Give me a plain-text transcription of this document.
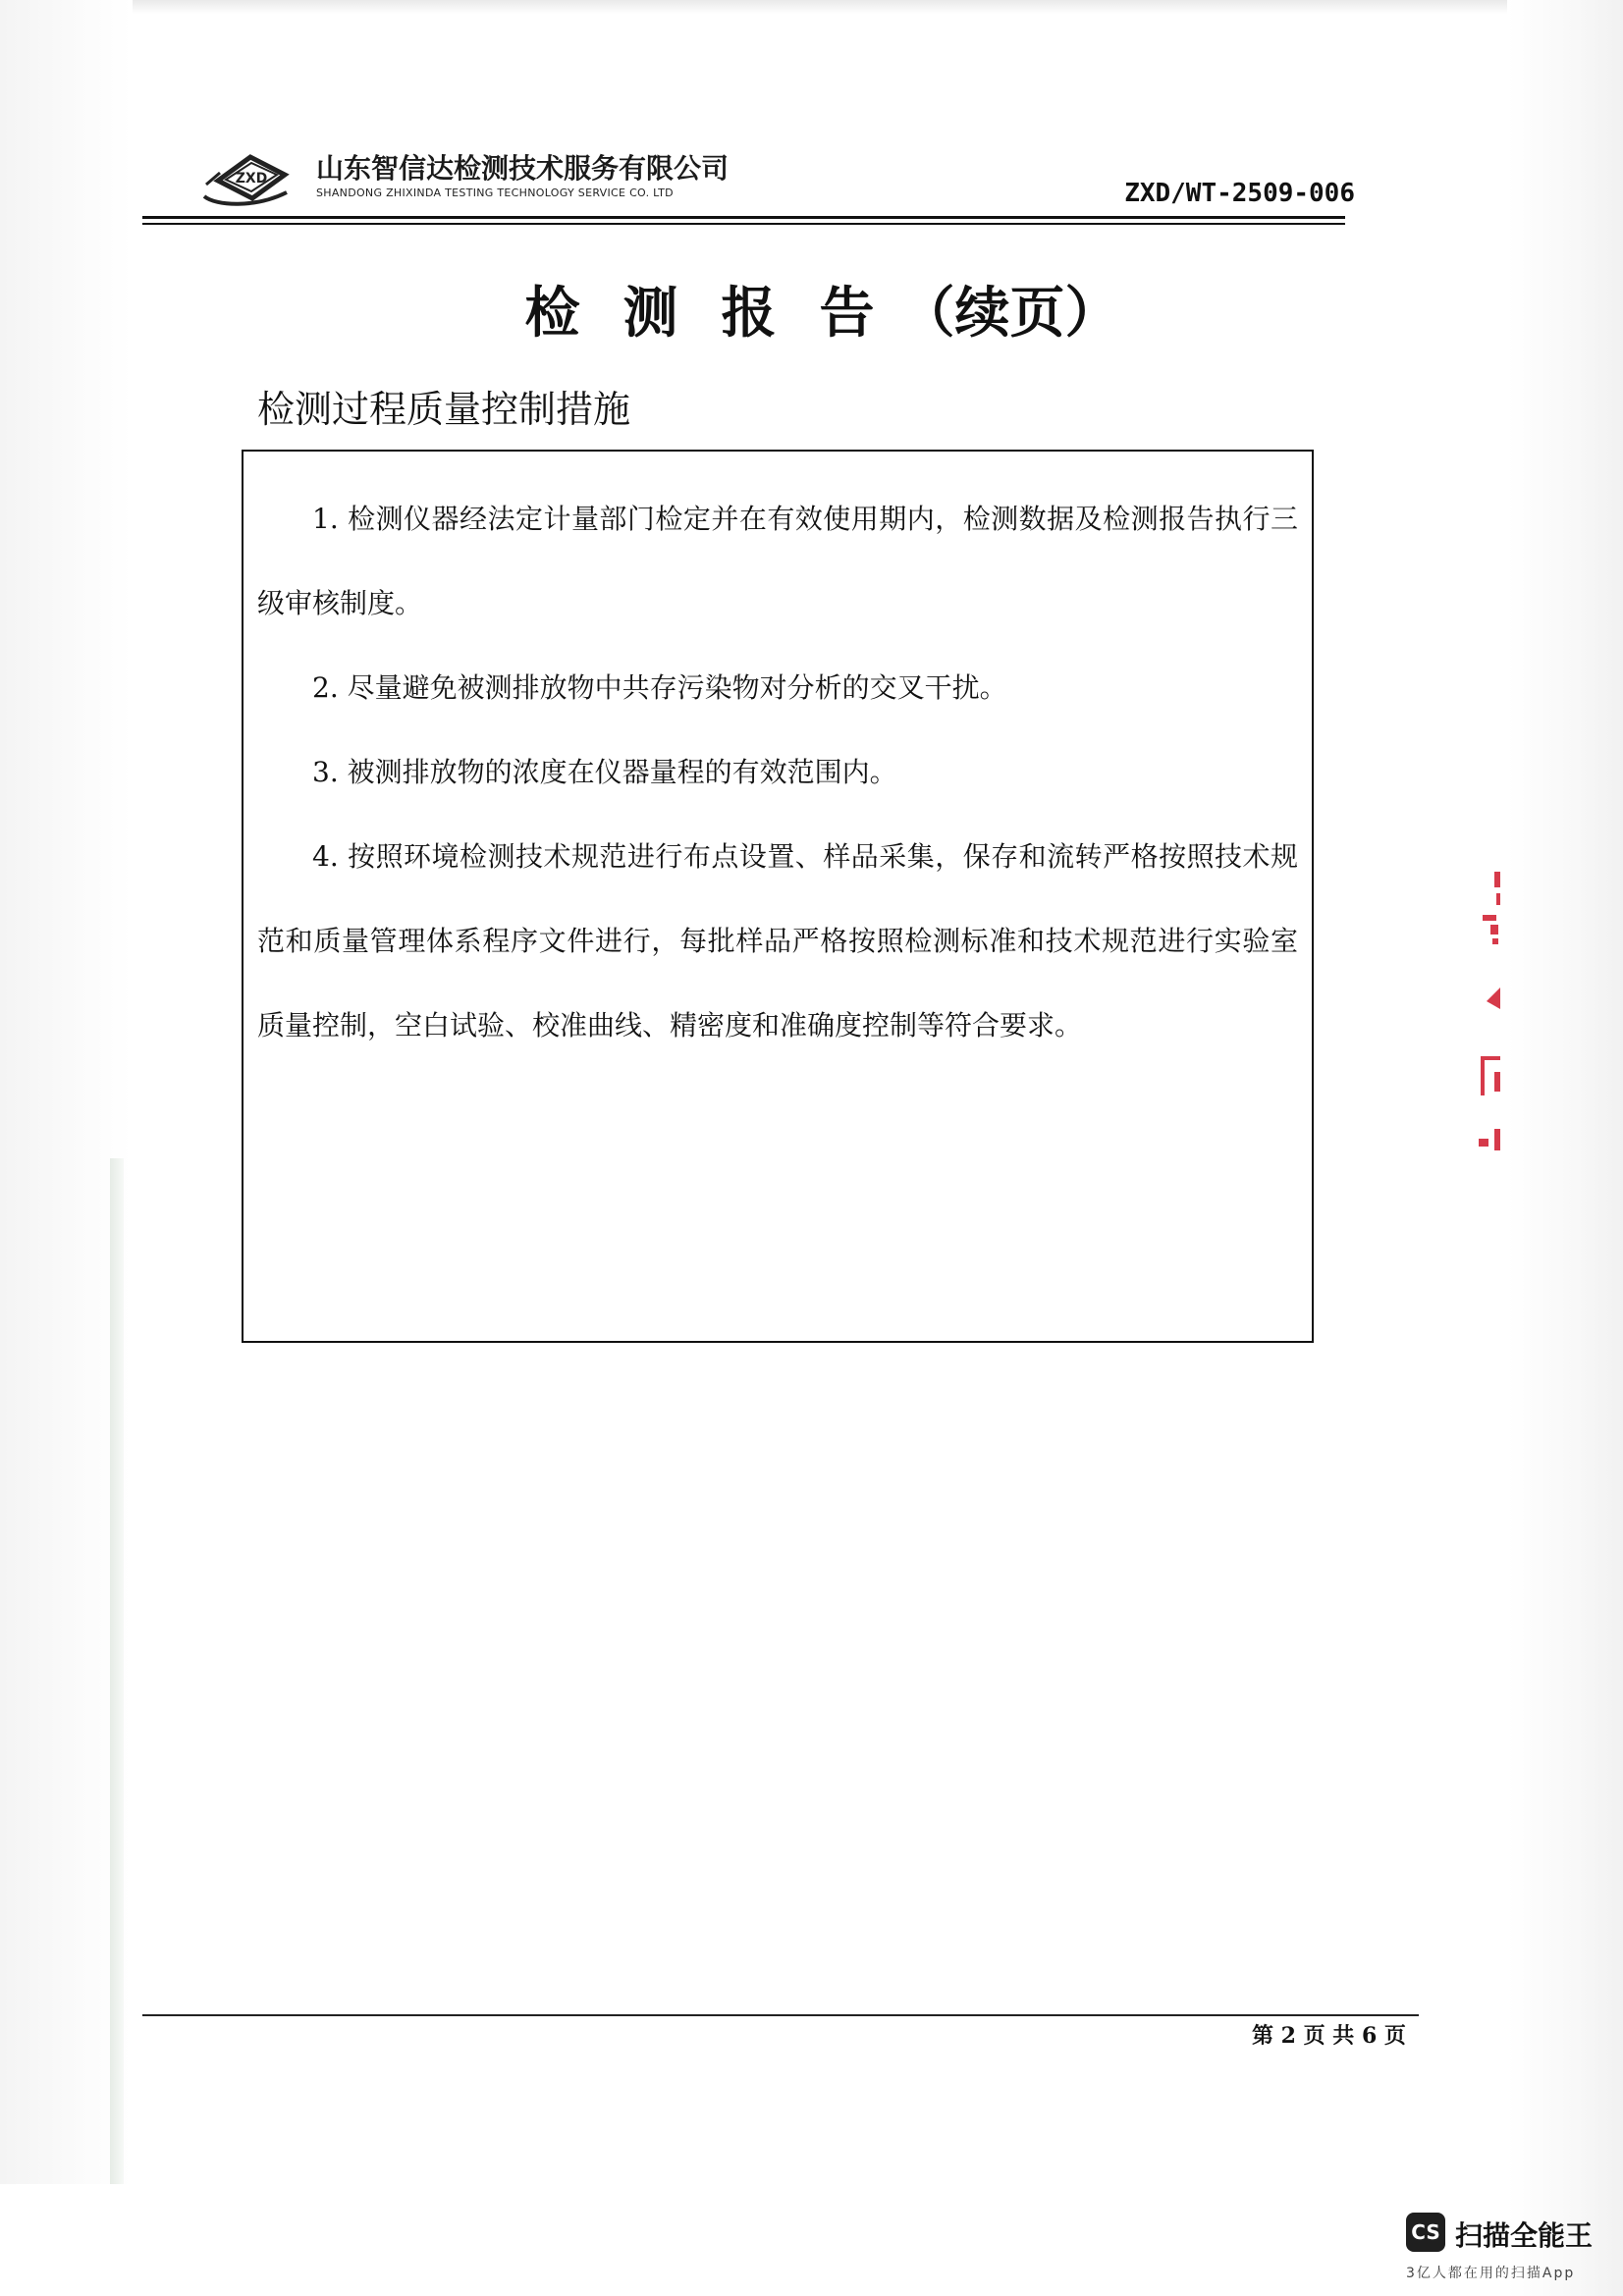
ZXD 山东智信达检测技术服务有限公司
SHANDONG ZHIXINDA TESTING TECHNOLOGY SERVICE CO. LTD	ZXD/WT-2509-006
检 测 报 告 （续页）
检测过程质量控制措施

1. 检测仪器经法定计量部门检定并在有效使用期内，检测数据及检测报告执行三级审核制度。

2. 尽量避免被测排放物中共存污染物对分析的交叉干扰。

3. 被测排放物的浓度在仪器量程的有效范围内。

4. 按照环境检测技术规范进行布点设置、样品采集，保存和流转严格按照技术规范和质量管理体系程序文件进行，每批样品严格按照检测标准和技术规范进行实验室质量控制，空白试验、校准曲线、精密度和准确度控制等符合要求。

第 2 页 共 6 页
CS 扫描全能王
3亿人都在用的扫描App
